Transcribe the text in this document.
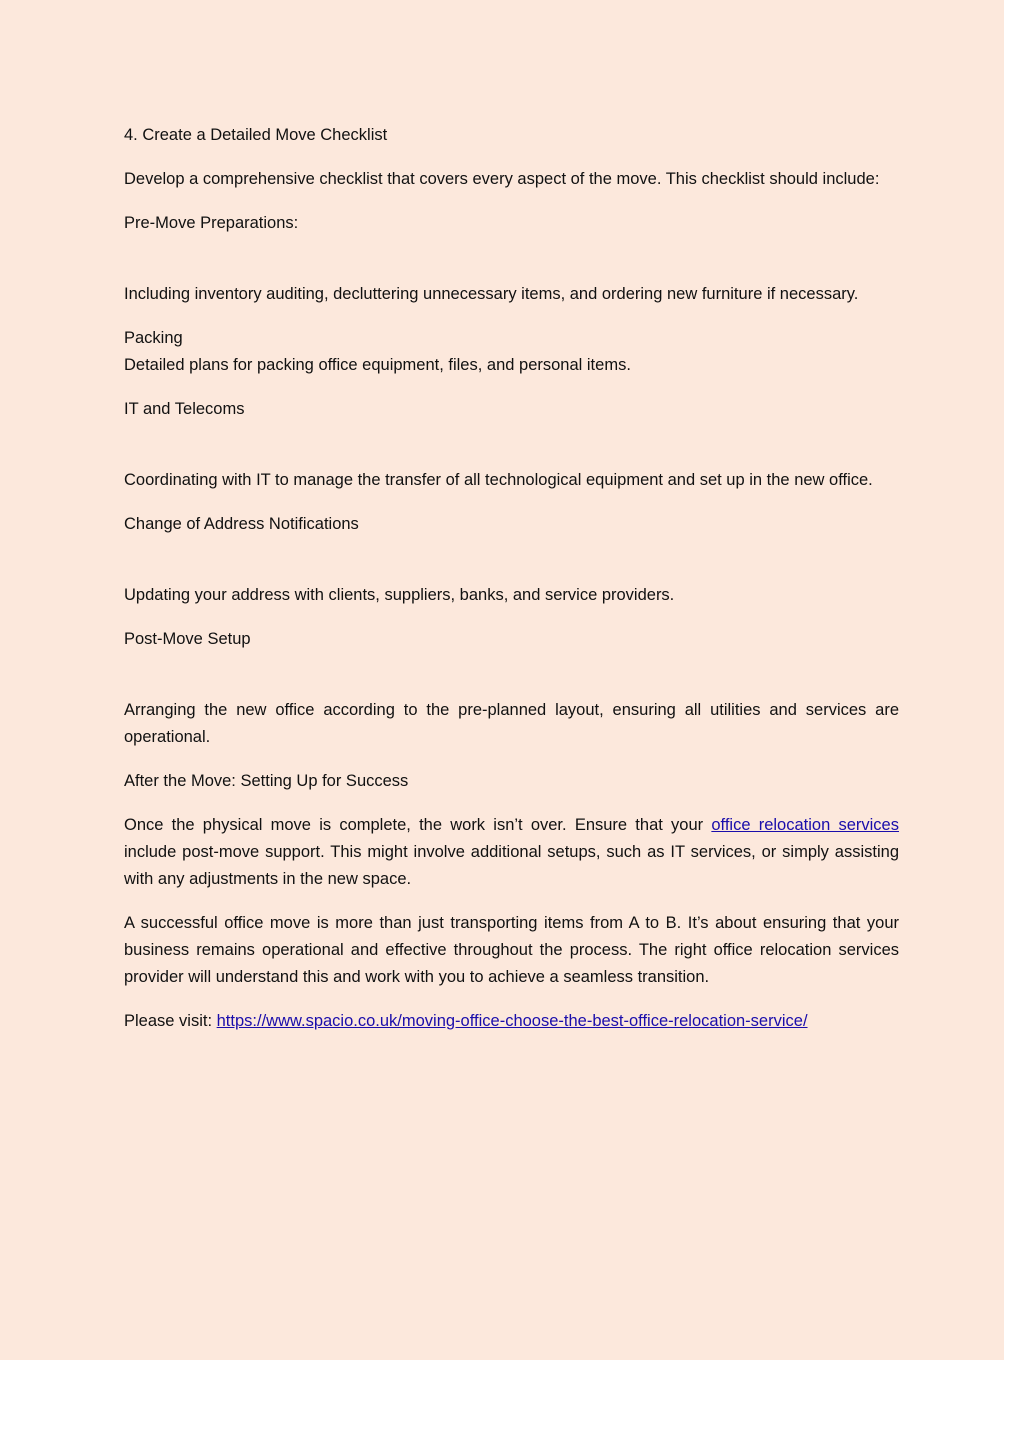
4. Create a Detailed Move Checklist

Develop a comprehensive checklist that covers every aspect of the move. This checklist should include:

Pre-Move Preparations:

Including inventory auditing, decluttering unnecessary items, and ordering new furniture if necessary.

Packing

Detailed plans for packing office equipment, files, and personal items.

IT and Telecoms

Coordinating with IT to manage the transfer of all technological equipment and set up in the new office.

Change of Address Notifications

Updating your address with clients, suppliers, banks, and service providers.

Post-Move Setup

Arranging the new office according to the pre-planned layout, ensuring all utilities and services are operational.

After the Move: Setting Up for Success

Once the physical move is complete, the work isn’t over. Ensure that your office relocation services include post-move support. This might involve additional setups, such as IT services, or simply assisting with any adjustments in the new space.

A successful office move is more than just transporting items from A to B. It’s about ensuring that your business remains operational and effective throughout the process. The right office relocation services provider will understand this and work with you to achieve a seamless transition.

Please visit: https://www.spacio.co.uk/moving-office-choose-the-best-office-relocation-service/
